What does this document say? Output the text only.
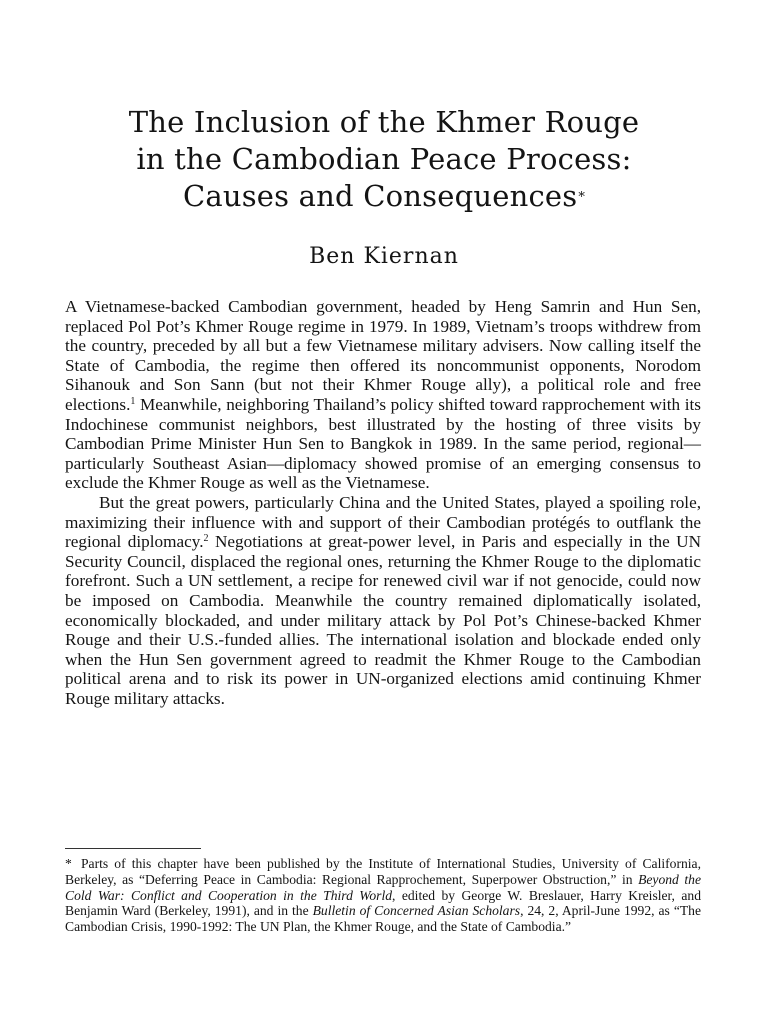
The Inclusion of the Khmer Rouge
in the Cambodian Peace Process:
Causes and Consequences*

Ben Kiernan

A Vietnamese-backed Cambodian government, headed by Heng Samrin and Hun Sen, replaced Pol Pot’s Khmer Rouge regime in 1979. In 1989, Vietnam’s troops withdrew from the country, preceded by all but a few Vietnamese military advisers. Now calling itself the State of Cambodia, the regime then offered its noncommunist opponents, Norodom Sihanouk and Son Sann (but not their Khmer Rouge ally), a political role and free elections.$^1$ Meanwhile, neighboring Thailand’s policy shifted toward rapprochement with its Indochinese communist neighbors, best illustrated by the hosting of three visits by Cambodian Prime Minister Hun Sen to Bangkok in 1989. In the same period, regional—particularly Southeast Asian—diplomacy showed promise of an emerging consensus to exclude the Khmer Rouge as well as the Vietnamese.

But the great powers, particularly China and the United States, played a spoiling role, maximizing their influence with and support of their Cambodian protégés to outflank the regional diplomacy.$^2$ Negotiations at great-power level, in Paris and especially in the UN Security Council, displaced the regional ones, returning the Khmer Rouge to the diplomatic forefront. Such a UN settlement, a recipe for renewed civil war if not genocide, could now be imposed on Cambodia. Meanwhile the country remained diplomatically isolated, economically blockaded, and under military attack by Pol Pot’s Chinese-backed Khmer Rouge and their U.S.-funded allies. The international isolation and blockade ended only when the Hun Sen government agreed to readmit the Khmer Rouge to the Cambodian political arena and to risk its power in UN-organized elections amid continuing Khmer Rouge military attacks.

* Parts of this chapter have been published by the Institute of International Studies, University of California, Berkeley, as “Deferring Peace in Cambodia: Regional Rapprochement, Superpower Obstruction,” in Beyond the Cold War: Conflict and Cooperation in the Third World, edited by George W. Breslauer, Harry Kreisler, and Benjamin Ward (Berkeley, 1991), and in the Bulletin of Concerned Asian Scholars, 24, 2, April-June 1992, as “The Cambodian Crisis, 1990-1992: The UN Plan, the Khmer Rouge, and the State of Cambodia.”
